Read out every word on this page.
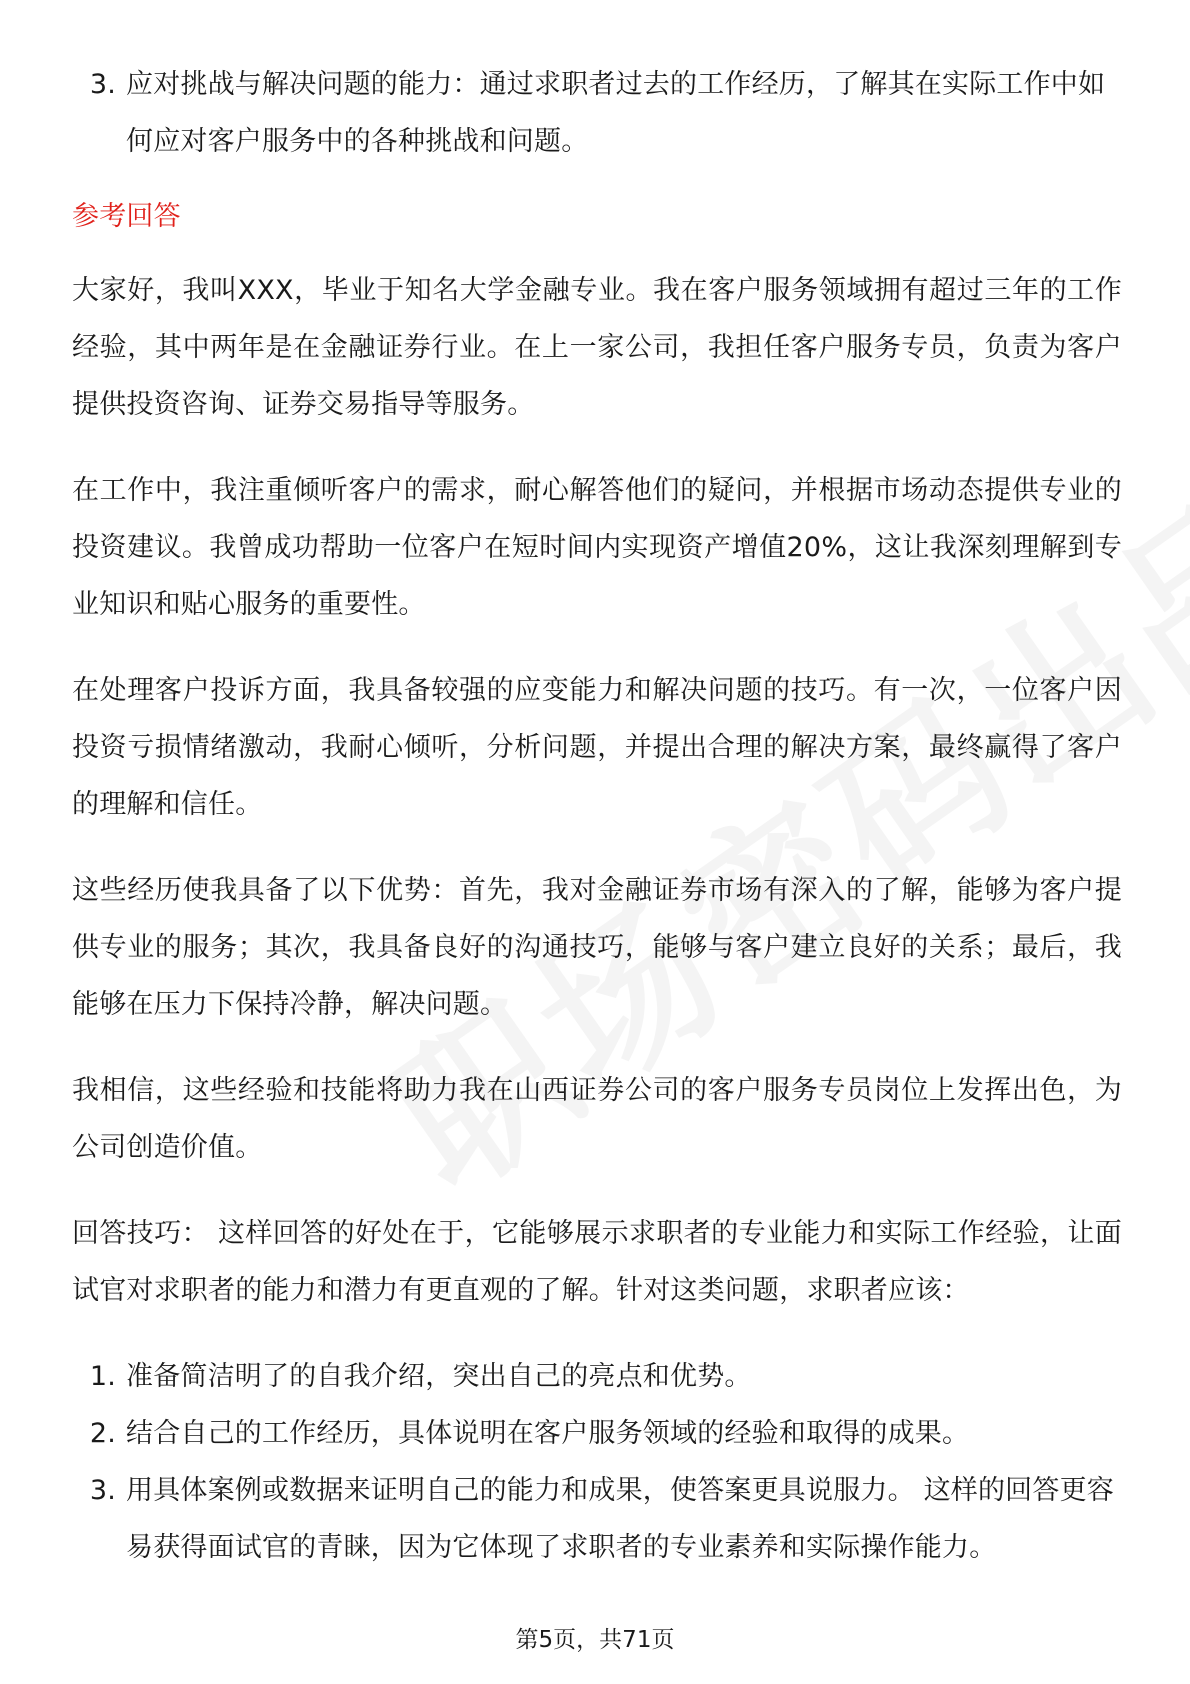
3. 应对挑战与解决问题的能力：通过求职者过去的工作经历，了解其在实际工作中如何应对客户服务中的各种挑战和问题。
参考回答

大家好，我叫XXX，毕业于知名大学金融专业。我在客户服务领域拥有超过三年的工作经验，其中两年是在金融证券行业。在上一家公司，我担任客户服务专员，负责为客户提供投资咨询、证券交易指导等服务。

在工作中，我注重倾听客户的需求，耐心解答他们的疑问，并根据市场动态提供专业的投资建议。我曾成功帮助一位客户在短时间内实现资产增值20%，这让我深刻理解到专业知识和贴心服务的重要性。

在处理客户投诉方面，我具备较强的应变能力和解决问题的技巧。有一次，一位客户因投资亏损情绪激动，我耐心倾听，分析问题，并提出合理的解决方案，最终赢得了客户的理解和信任。

这些经历使我具备了以下优势：首先，我对金融证券市场有深入的了解，能够为客户提供专业的服务；其次，我具备良好的沟通技巧，能够与客户建立良好的关系；最后，我能够在压力下保持冷静，解决问题。

我相信，这些经验和技能将助力我在山西证券公司的客户服务专员岗位上发挥出色，为公司创造价值。

回答技巧： 这样回答的好处在于，它能够展示求职者的专业能力和实际工作经验，让面试官对求职者的能力和潜力有更直观的了解。针对这类问题，求职者应该：

1. 准备简洁明了的自我介绍，突出自己的亮点和优势。
2. 结合自己的工作经历，具体说明在客户服务领域的经验和取得的成果。
3. 用具体案例或数据来证明自己的能力和成果，使答案更具说服力。 这样的回答更容易获得面试官的青睐，因为它体现了求职者的专业素养和实际操作能力。
第5页，共71页
